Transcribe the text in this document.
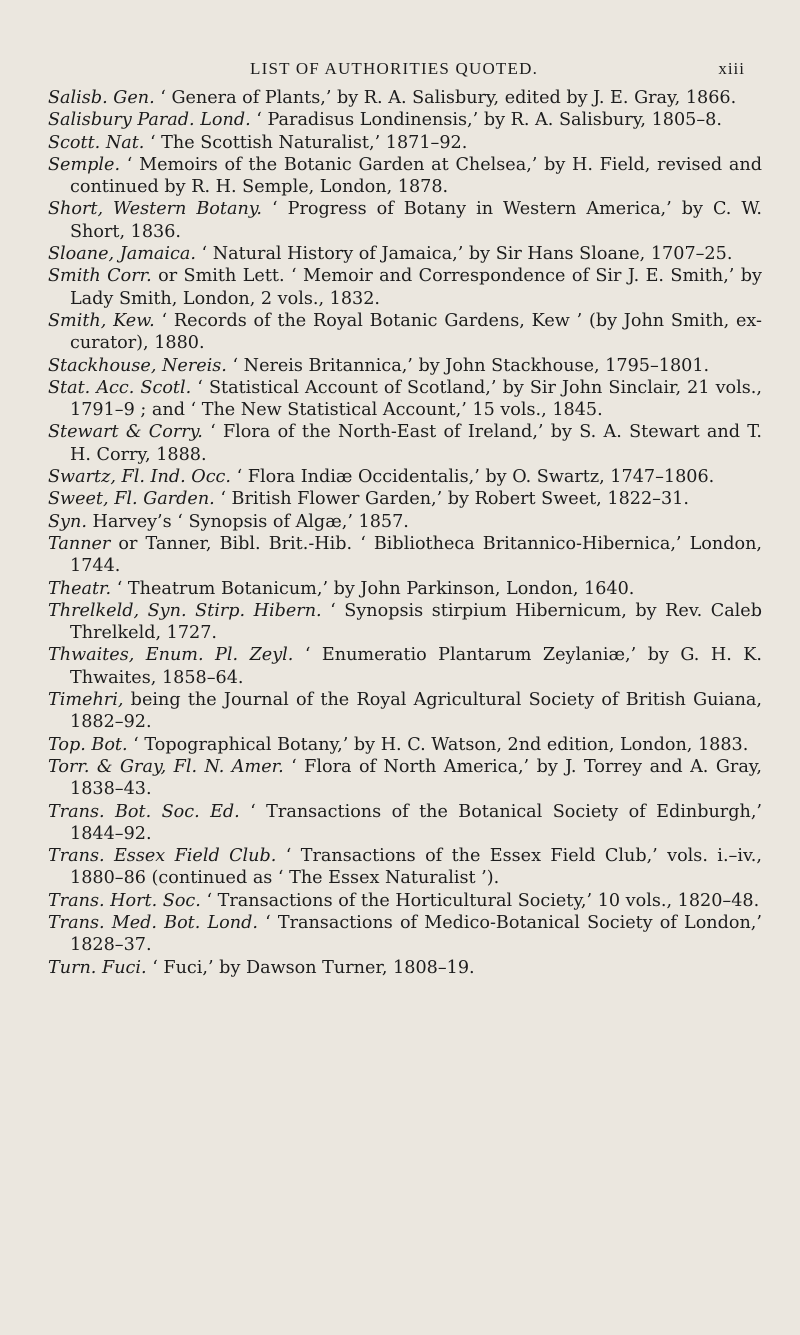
LIST OF AUTHORITIES QUOTED.	xiii
Salisb. Gen. ‘ Genera of Plants,’ by R. A. Salisbury, edited by J. E. Gray, 1866.
Salisbury Parad. Lond. ‘ Paradisus Londinensis,’ by R. A. Salisbury, 1805–8.
Scott. Nat. ‘ The Scottish Naturalist,’ 1871–92.
Semple. ‘ Memoirs of the Botanic Garden at Chelsea,’ by H. Field, revised and continued by R. H. Semple, London, 1878.
Short, Western Botany. ‘ Progress of Botany in Western America,’ by C. W. Short, 1836.
Sloane, Jamaica. ‘ Natural History of Jamaica,’ by Sir Hans Sloane, 1707–25.
Smith Corr. or Smith Lett. ‘ Memoir and Correspondence of Sir J. E. Smith,’ by Lady Smith, London, 2 vols., 1832.
Smith, Kew. ‘ Records of the Royal Botanic Gardens, Kew ’ (by John Smith, ex-curator), 1880.
Stackhouse, Nereis. ‘ Nereis Britannica,’ by John Stackhouse, 1795–1801.
Stat. Acc. Scotl. ‘ Statistical Account of Scotland,’ by Sir John Sinclair, 21 vols., 1791–9 ; and ‘ The New Statistical Account,’ 15 vols., 1845.
Stewart & Corry. ‘ Flora of the North-East of Ireland,’ by S. A. Stewart and T. H. Corry, 1888.
Swartz, Fl. Ind. Occ. ‘ Flora Indiæ Occidentalis,’ by O. Swartz, 1747–1806.
Sweet, Fl. Garden. ‘ British Flower Garden,’ by Robert Sweet, 1822–31.
Syn. Harvey’s ‘ Synopsis of Algæ,’ 1857.
Tanner or Tanner, Bibl. Brit.-Hib. ‘ Bibliotheca Britannico-Hibernica,’ London, 1744.
Theatr. ‘ Theatrum Botanicum,’ by John Parkinson, London, 1640.
Threlkeld, Syn. Stirp. Hibern. ‘ Synopsis stirpium Hibernicum, by Rev. Caleb Threlkeld, 1727.
Thwaites, Enum. Pl. Zeyl. ‘ Enumeratio Plantarum Zeylaniæ,’ by G. H. K. Thwaites, 1858–64.
Timehri, being the Journal of the Royal Agricultural Society of British Guiana, 1882–92.
Top. Bot. ‘ Topographical Botany,’ by H. C. Watson, 2nd edition, London, 1883.
Torr. & Gray, Fl. N. Amer. ‘ Flora of North America,’ by J. Torrey and A. Gray, 1838–43.
Trans. Bot. Soc. Ed. ‘ Transactions of the Botanical Society of Edinburgh,’ 1844–92.
Trans. Essex Field Club. ‘ Transactions of the Essex Field Club,’ vols. i.–iv., 1880–86 (continued as ‘ The Essex Naturalist ’).
Trans. Hort. Soc. ‘ Transactions of the Horticultural Society,’ 10 vols., 1820–48.
Trans. Med. Bot. Lond. ‘ Transactions of Medico-Botanical Society of London,’ 1828–37.
Turn. Fuci. ‘ Fuci,’ by Dawson Turner, 1808–19.
